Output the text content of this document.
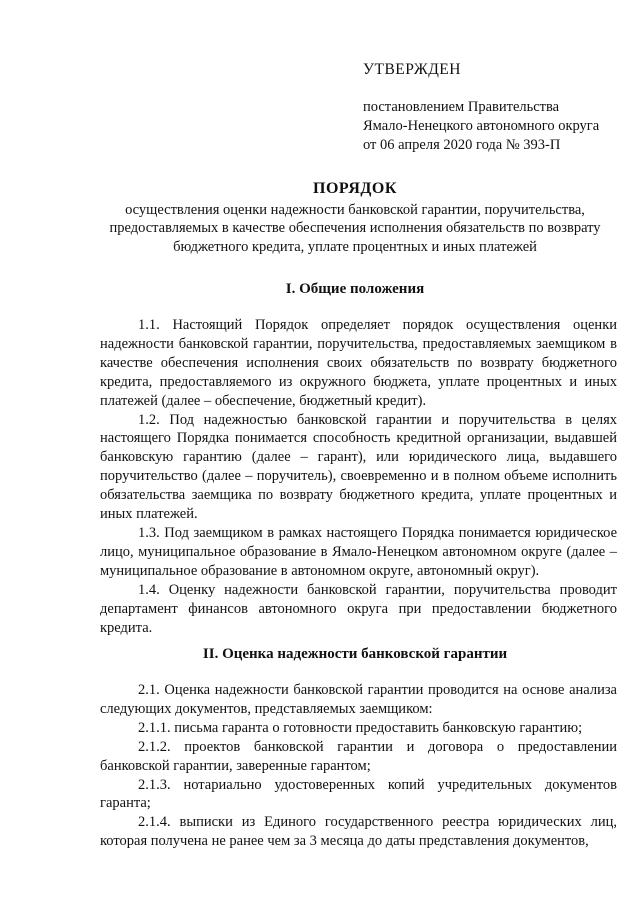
УТВЕРЖДЕН
постановлением Правительства
Ямало-Ненецкого автономного округа
от 06 апреля 2020 года № 393-П
ПОРЯДОК
осуществления оценки надежности банковской гарантии, поручительства,
предоставляемых в качестве обеспечения исполнения обязательств по возврату
бюджетного кредита, уплате процентных и иных платежей
I. Общие положения

1.1. Настоящий Порядок определяет порядок осуществления оценки надежности банковской гарантии, поручительства, предоставляемых заемщиком в качестве обеспечения исполнения своих обязательств по возврату бюджетного кредита, предоставляемого из окружного бюджета, уплате процентных и иных платежей (далее – обеспечение, бюджетный кредит).

1.2. Под надежностью банковской гарантии и поручительства в целях настоящего Порядка понимается способность кредитной организации, выдавшей банковскую гарантию (далее – гарант), или юридического лица, выдавшего поручительство (далее – поручитель), своевременно и в полном объеме исполнить обязательства заемщика по возврату бюджетного кредита, уплате процентных и иных платежей.

1.3. Под заемщиком в рамках настоящего Порядка понимается юридическое лицо, муниципальное образование в Ямало-Ненецком автономном округе (далее – муниципальное образование в автономном округе, автономный округ).

1.4. Оценку надежности банковской гарантии, поручительства проводит департамент финансов автономного округа при предоставлении бюджетного кредита.

II. Оценка надежности банковской гарантии

2.1. Оценка надежности банковской гарантии проводится на основе анализа следующих документов, представляемых заемщиком:

2.1.1. письма гаранта о готовности предоставить банковскую гарантию;

2.1.2. проектов банковской гарантии и договора о предоставлении банковской гарантии, заверенные гарантом;

2.1.3. нотариально удостоверенных копий учредительных документов гаранта;

2.1.4. выписки из Единого государственного реестра юридических лиц, которая получена не ранее чем за 3 месяца до даты представления документов,
